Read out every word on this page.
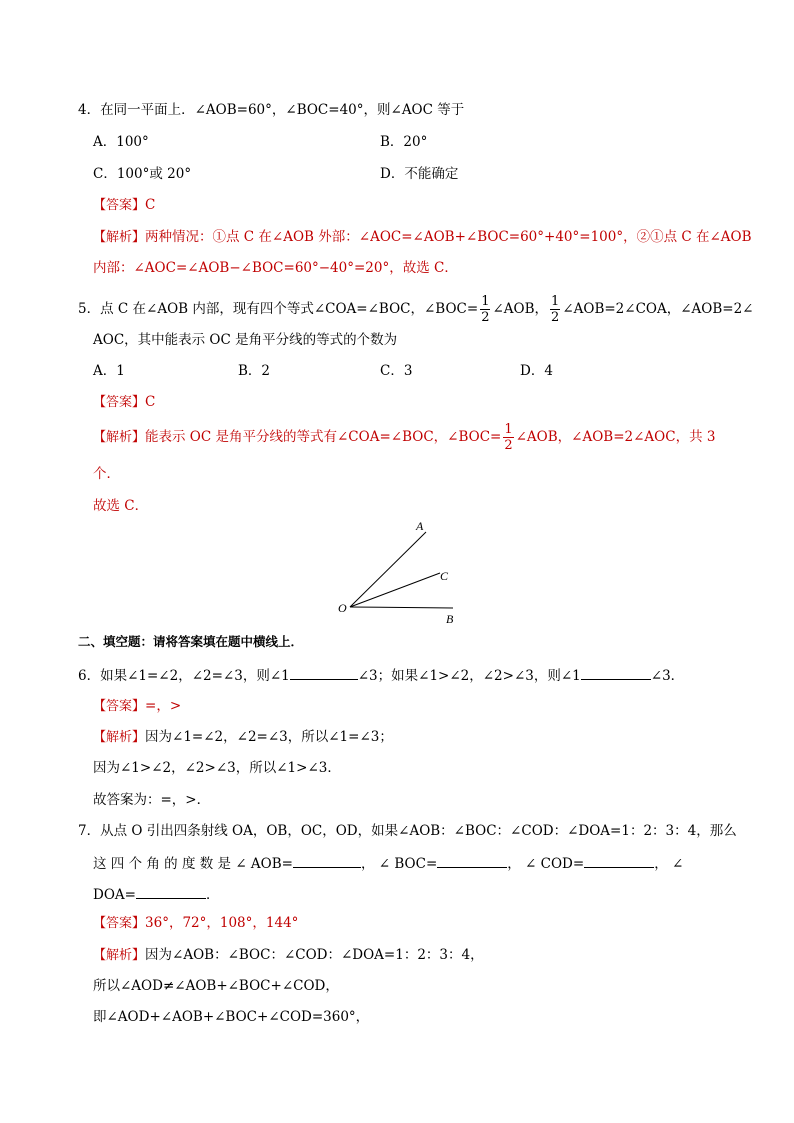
4．在同一平面上．∠AOB=60°，∠BOC=40°，则∠AOC 等于
A．100°	B．20°
C．100°或 20°	D．不能确定
【答案】C
【解析】两种情况：①点 C 在∠AOB 外部：∠AOC=∠AOB+∠BOC=60°+40°=100°，②①点 C 在∠AOB
内部：∠AOC=∠AOB−∠BOC=60°−40°=20°，故选 C．
5．点 C 在∠AOB 内部，现有四个等式∠COA=∠BOC，∠BOC= $\frac{1}{2}$ ∠AOB， $\frac{1}{2}$ ∠AOB=2∠COA，∠AOB=2∠
AOC，其中能表示 OC 是角平分线的等式的个数为
A．1	B．2	C．3	D．4
【答案】C
【解析】能表示 OC 是角平分线的等式有∠COA=∠BOC，∠BOC= $\frac{1}{2}$ ∠AOB，∠AOB=2∠AOC，共 3
个．
故选 C．
A
C
O
B
二、填空题：请将答案填在题中横线上．
6．如果∠1=∠2，∠2=∠3，则∠1	∠3；如果∠1>∠2，∠2>∠3，则∠1	∠3．
【答案】=，>
【解析】因为∠1=∠2，∠2=∠3，所以∠1=∠3；
因为∠1>∠2，∠2>∠3，所以∠1>∠3．
故答案为：=，>．
7．从点 O 引出四条射线 OA，OB，OC，OD，如果∠AOB：∠BOC：∠COD：∠DOA=1：2：3：4，那么
这 四 个 角 的 度 数 是 ∠ AOB=	， ∠ BOC=	， ∠ COD=	， ∠
DOA=	．
【答案】36°，72°，108°，144°
【解析】因为∠AOB：∠BOC：∠COD：∠DOA=1：2：3：4，
所以∠AOD≠∠AOB+∠BOC+∠COD，
即∠AOD+∠AOB+∠BOC+∠COD=360°，
